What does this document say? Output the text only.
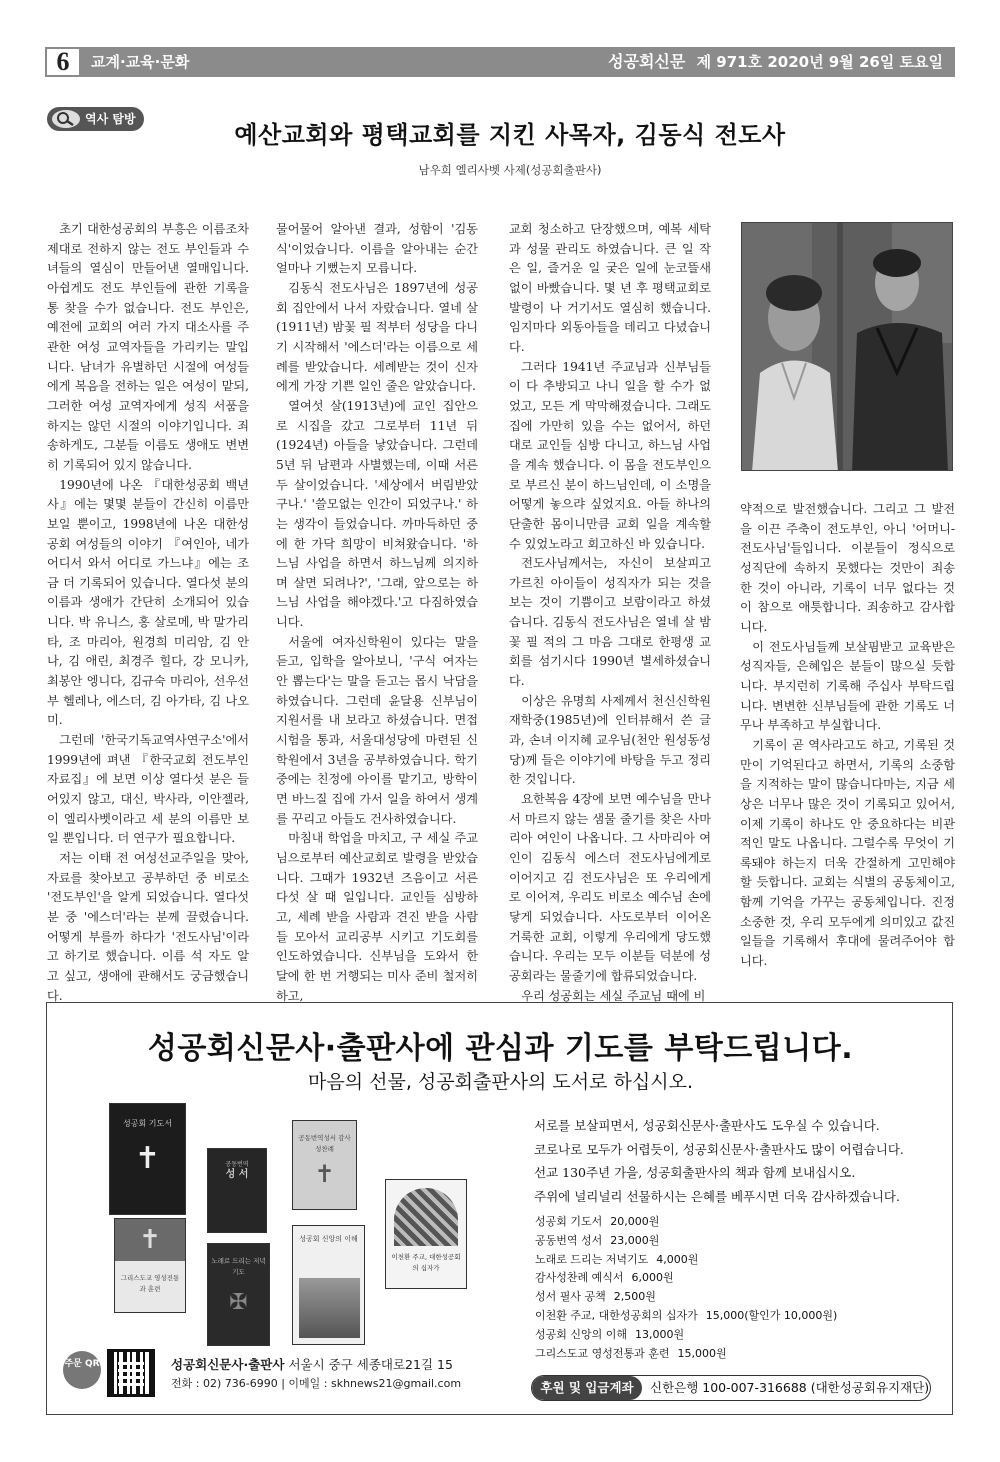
6	교계·교육·문화	성공회신문 제 971호 2020년 9월 26일 토요일
역사 탐방
예산교회와 평택교회를 지킨 사목자, 김동식 전도사
남우희 엘리사벳 사제(성공회출판사)

초기 대한성공회의 부흥은 이름조차 제대로 전하지 않는 전도 부인들과 수녀들의 열심이 만들어낸 열매입니다. 아쉽게도 전도 부인들에 관한 기록을 통 찾을 수가 없습니다. 전도 부인은, 예전에 교회의 여러 가지 대소사를 주관한 여성 교역자들을 가리키는 말입니다. 남녀가 유별하던 시절에 여성들에게 복음을 전하는 일은 여성이 맡되, 그러한 여성 교역자에게 성직 서품을 하지는 않던 시절의 이야기입니다. 죄송하게도, 그분들 이름도 생애도 변변히 기록되어 있지 않습니다.

1990년에 나온 『대한성공회 백년사』에는 몇몇 분들이 간신히 이름만 보일 뿐이고, 1998년에 나온 대한성공회 여성들의 이야기 『여인아, 네가 어디서 와서 어디로 가느냐』에는 조금 더 기록되어 있습니다. 열다섯 분의 이름과 생애가 간단히 소개되어 있습니다. 박 유니스, 홍 살로메, 박 말가리타, 조 마리아, 원경희 미리암, 김 안나, 김 애린, 최경주 힐다, 강 모니카, 최봉안 엥니다, 김규숙 마리아, 선우선부 헬레나, 에스더, 김 아가타, 김 나오미.

그런데 '한국기독교역사연구소'에서 1999년에 펴낸 『한국교회 전도부인 자료집』에 보면 이상 열다섯 분은 들어있지 않고, 대신, 박사라, 이안젤라, 이 엘리사벳이라고 세 분의 이름만 보일 뿐입니다. 더 연구가 필요합니다.

저는 이태 전 여성선교주일을 맞아, 자료를 찾아보고 공부하던 중 비로소 '전도부인'을 알게 되었습니다. 열다섯 분 중 '에스더'라는 분께 끌렸습니다. 어떻게 부를까 하다가 '전도사님'이라고 하기로 했습니다. 이름 석 자도 알고 싶고, 생애에 관해서도 궁금했습니다.

물어물어 알아낸 결과, 성함이 '김동식'이었습니다. 이름을 알아내는 순간 얼마나 기뻤는지 모릅니다.

김동식 전도사님은 1897년에 성공회 집안에서 나서 자랐습니다. 열네 살(1911년) 밤꽃 필 적부터 성당을 다니기 시작해서 '에스더'라는 이름으로 세례를 받았습니다. 세례받는 것이 신자에게 가장 기쁜 일인 줄은 알았습니다.

열여섯 살(1913년)에 교인 집안으로 시집을 갔고 그로부터 11년 뒤(1924년) 아들을 낳았습니다. 그런데 5년 뒤 남편과 사별했는데, 이때 서른두 살이었습니다. '세상에서 버림받았구나.' '쓸모없는 인간이 되었구나.' 하는 생각이 들었습니다. 까마득하던 중에 한 가닥 희망이 비쳐왔습니다. '하느님 사업을 하면서 하느님께 의지하며 살면 되려나?', '그래, 앞으로는 하느님 사업을 해야겠다.'고 다짐하였습니다.

서울에 여자신학원이 있다는 말을 듣고, 입학을 알아보니, '구식 여자는 안 뽑는다'는 말을 듣고는 몹시 낙담을 하였습니다. 그런데 윤달용 신부님이 지원서를 내 보라고 하셨습니다. 면접시험을 통과, 서울대성당에 마련된 신학원에서 3년을 공부하였습니다. 학기 중에는 친정에 아이를 맡기고, 방학이면 바느질 집에 가서 일을 하여서 생계를 꾸리고 아들도 건사하였습니다.

마침내 학업을 마치고, 구 세실 주교님으로부터 예산교회로 발령을 받았습니다. 그때가 1932년 즈음이고 서른다섯 살 때 일입니다. 교인들 심방하고, 세례 받을 사람과 견진 받을 사람들 모아서 교리공부 시키고 기도회를 인도하였습니다. 신부님을 도와서 한 달에 한 번 거행되는 미사 준비 철저히 하고,

교회 청소하고 단장했으며, 예복 세탁과 성물 관리도 하였습니다. 큰 일 작은 일, 즐거운 일 궂은 일에 눈코뜰새없이 바빴습니다. 몇 년 후 평택교회로 발령이 나 거기서도 열심히 했습니다. 임지마다 외동아들을 데리고 다녔습니다.

그러다 1941년 주교님과 신부님들이 다 추방되고 나니 일을 할 수가 없었고, 모든 게 막막해졌습니다. 그래도 집에 가만히 있을 수는 없어서, 하던 대로 교인들 심방 다니고, 하느님 사업을 계속 했습니다. 이 몸을 전도부인으로 부르신 분이 하느님인데, 이 소명을 어떻게 놓으랴 싶었지요. 아들 하나의 단출한 몸이니만큼 교회 일을 계속할 수 있었노라고 회고하신 바 있습니다.

전도사님께서는, 자신이 보살피고 가르친 아이들이 성직자가 되는 것을 보는 것이 기쁨이고 보람이라고 하셨습니다. 김동식 전도사님은 열네 살 밤꽃 필 적의 그 마음 그대로 한평생 교회를 섬기시다 1990년 별세하셨습니다.

이상은 유명희 사제께서 천신신학원 재학중(1985년)에 인터뷰해서 쓴 글과, 손녀 이지혜 교우님(천안 원성동성당)께 들은 이야기에 바탕을 두고 정리한 것입니다.

요한복음 4장에 보면 예수님을 만나서 마르지 않는 샘물 줄기를 찾은 사마리아 여인이 나옵니다. 그 사마리아 여인이 김동식 에스더 전도사님에게로 이어지고 김 전도사님은 또 우리에게로 이어져, 우리도 비로소 예수님 손에 닿게 되었습니다. 사도로부터 이어온 거룩한 교회, 이렇게 우리에게 당도했습니다. 우리는 모두 이분들 덕분에 성공회라는 물줄기에 합류되었습니다.

우리 성공회는 세실 주교님 때에 비

약적으로 발전했습니다. 그리고 그 발전을 이끈 주축이 전도부인, 아니 '어머니-전도사님'들입니다. 이분들이 정식으로 성직단에 속하지 못했다는 것만이 죄송한 것이 아니라, 기록이 너무 없다는 것이 참으로 애틋합니다. 죄송하고 감사합니다.

이 전도사님들께 보살핌받고 교육받은 성직자들, 은혜입은 분들이 많으실 듯합니다. 부지런히 기록해 주십사 부탁드립니다. 변변한 신부님들에 관한 기록도 너무나 부족하고 부실합니다.

기록이 곧 역사라고도 하고, 기록된 것만이 기억된다고 하면서, 기록의 소중함을 지적하는 말이 많습니다마는, 지금 세상은 너무나 많은 것이 기록되고 있어서, 이제 기록이 하나도 안 중요하다는 비관적인 말도 나옵니다. 그럴수록 무엇이 기록돼야 하는지 더욱 간절하게 고민해야 할 듯합니다. 교회는 식별의 공동체이고, 함께 기억을 가꾸는 공동체입니다. 진정 소중한 것, 우리 모두에게 의미있고 값진 일들을 기록해서 후대에 물려주어야 합니다.

성공회신문사·출판사에 관심과 기도를 부탁드립니다.
마음의 선물, 성공회출판사의 도서로 하십시오.
성공회 기도서
✝	공동번역
성 서
공동번역성서 감사성찬례
✝
✝
그리스도교 영성전통과 훈련
노래로 드리는 저녁기도
✠
성공회 신앙의 이해
이천환 주교, 대한성공회의 십자가
서로를 보살피면서, 성공회신문사·출판사도 도우실 수 있습니다.
코로나로 모두가 어렵듯이, 성공회신문사·출판사도 많이 어렵습니다.
선교 130주년 가을, 성공회출판사의 책과 함께 보내십시오.
주위에 널리널리 선물하시는 은혜를 베푸시면 더욱 감사하겠습니다.
성공회 기도서 20,000원
공동번역 성서 23,000원
노래로 드리는 저녁기도 4,000원
감사성찬례 예식서 6,000원
성서 필사 공책 2,500원
이천환 주교, 대한성공회의 십자가 15,000(할인가 10,000원)
성공회 신앙의 이해 13,000원
그리스도교 영성전통과 훈련 15,000원
주문 QR	성공회신문사·출판사 서울시 중구 세종대로21길 15
전화 : 02) 736-6990 | 이메일 : skhnews21@gmail.com	후원 및 입금계좌	신한은행 100-007-316688 (대한성공회유지재단)
